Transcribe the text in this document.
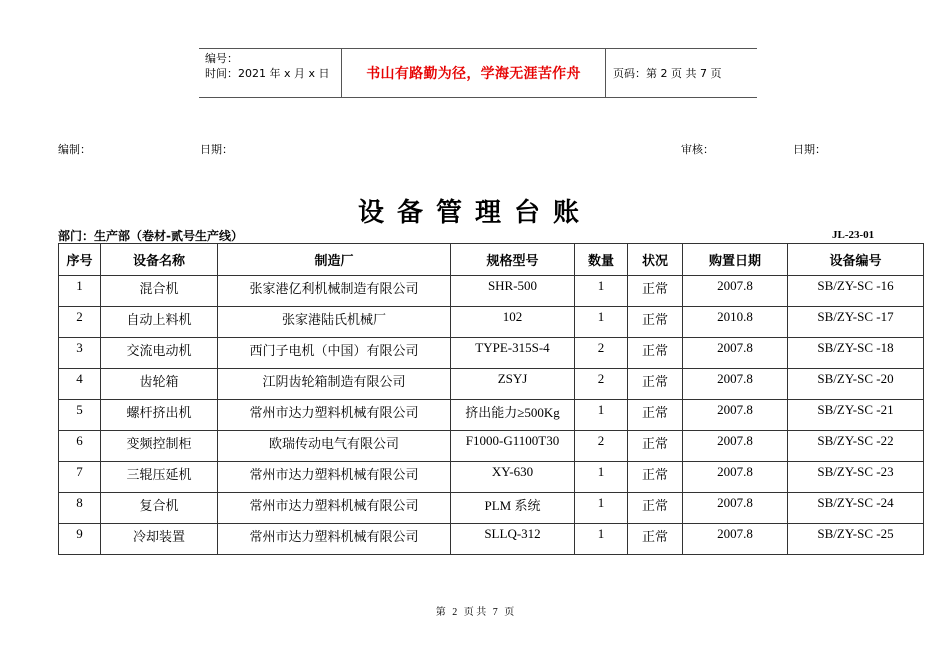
编号：
时间：2021 年 x 月 x 日	书山有路勤为径，学海无涯苦作舟	页码：第 2 页 共 7 页
编制：	日期：	审核：	日期：
设备管理台账
部门：生产部（卷材-贰号生产线）	JL-23-01
序号	设备名称	制造厂	规格型号	数量	状况	购置日期	设备编号
1	混合机	张家港亿利机械制造有限公司	SHR-500	1	正常	2007.8	SB/ZY-SC -16
2	自动上料机	张家港陆氏机械厂	102	1	正常	2010.8	SB/ZY-SC -17
3	交流电动机	西门子电机（中国）有限公司	TYPE-315S-4	2	正常	2007.8	SB/ZY-SC -18
4	齿轮箱	江阴齿轮箱制造有限公司	ZSYJ	2	正常	2007.8	SB/ZY-SC -20
5	螺杆挤出机	常州市达力塑料机械有限公司	挤出能力≥500Kg	1	正常	2007.8	SB/ZY-SC -21
6	变频控制柜	欧瑞传动电气有限公司	F1000-G1100T30	2	正常	2007.8	SB/ZY-SC -22
7	三辊压延机	常州市达力塑料机械有限公司	XY-630	1	正常	2007.8	SB/ZY-SC -23
8	复合机	常州市达力塑料机械有限公司	PLM 系统	1	正常	2007.8	SB/ZY-SC -24
9	冷却装置	常州市达力塑料机械有限公司	SLLQ-312	1	正常	2007.8	SB/ZY-SC -25
第 2 页 共 7 页
